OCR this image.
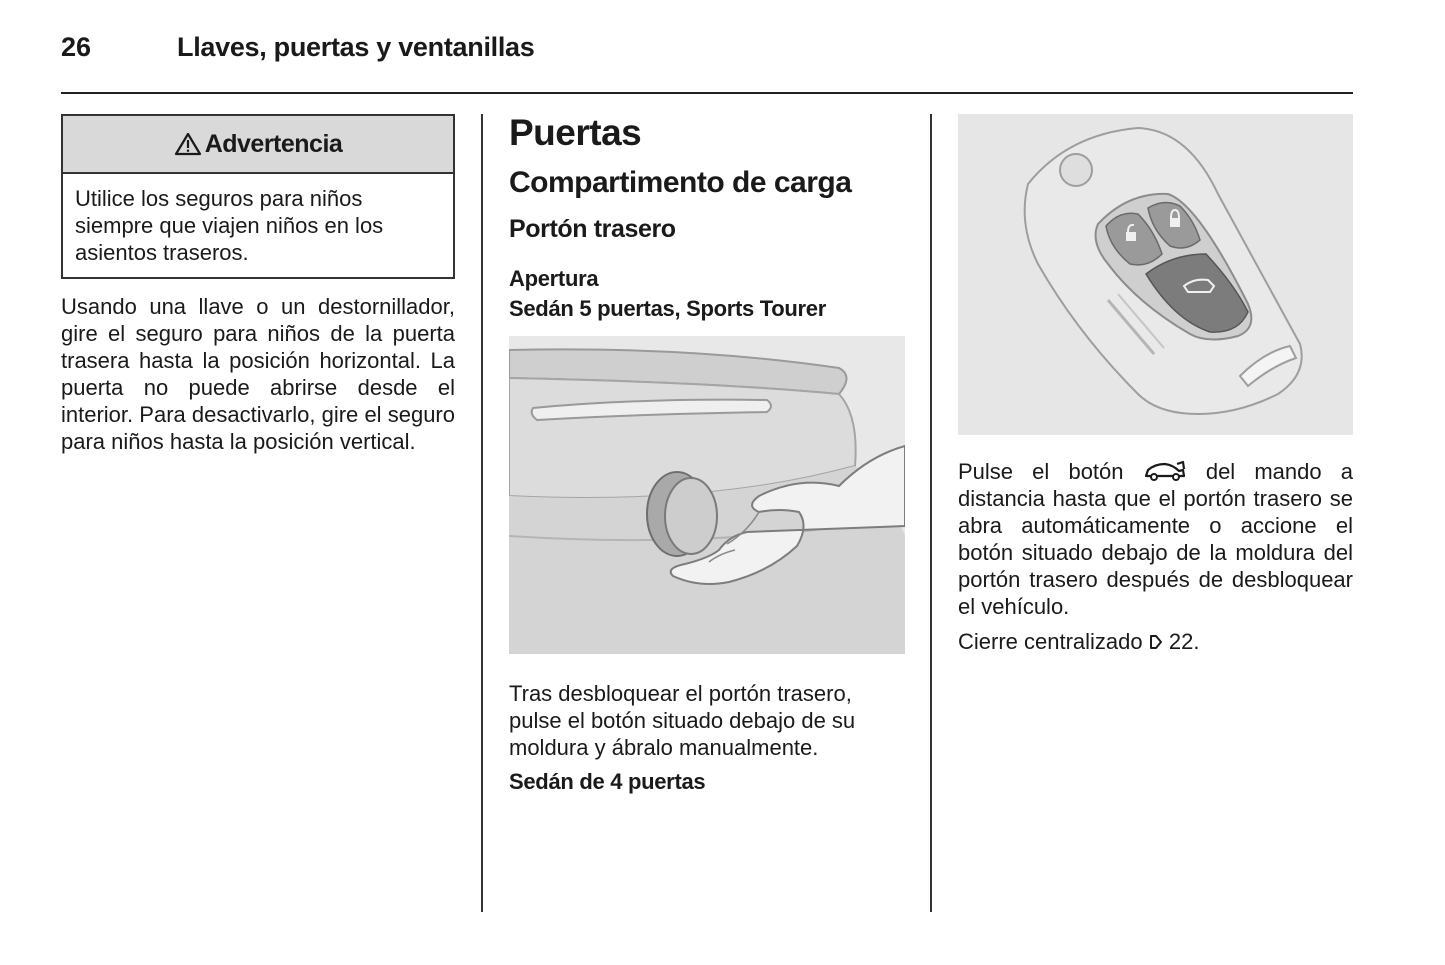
26	Llaves, puertas y ventanillas
Advertencia
Utilice los seguros para niños siempre que viajen niños en los asientos traseros.

Usando una llave o un destornillador, gire el seguro para niños de la puerta trasera hasta la posición horizontal. La puerta no puede abrirse desde el interior. Para desactivarlo, gire el seguro para niños hasta la posición vertical.

Puertas
Compartimento de carga
Portón trasero
Apertura
Sedán 5 puertas, Sports Tourer

Tras desbloquear el portón trasero, pulse el botón situado debajo de su moldura y ábralo manualmente.

Sedán de 4 puertas

Pulse el botón	del mando a distancia hasta que el portón trasero se abra automáticamente o accione el botón situado debajo de la moldura del portón trasero después de desbloquear el vehículo.

Cierre centralizado 22.
